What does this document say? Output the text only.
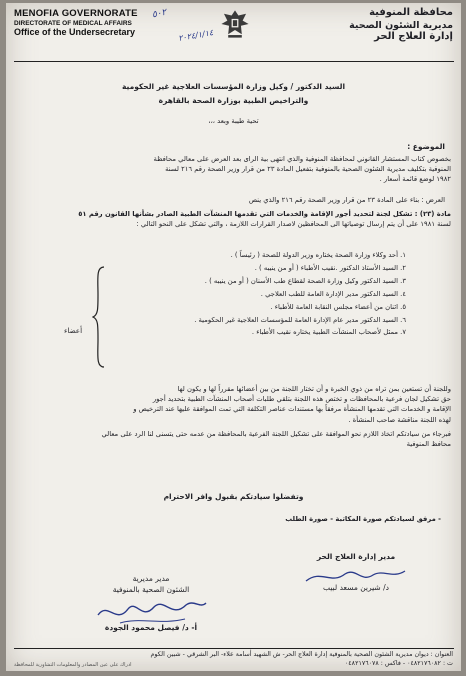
MENOFIA GOVERNORATE
DIRECTORATE OF MEDICAL AFFAIRS
Office of the Undersecretary
٥٠٢
٢٠٢٤/١/١٤
محافظة المنوفية
مديرية الشئون الصحية
إدارة العلاج الحر
السيد الدكتور / وكيل وزارة المؤسسات العلاجية غير الحكومية
والتراخيص الطبية بوزارة الصحة بالقاهرة
تحية طيبة وبعد ،،،
الموضوع :
بخصوص كتاب المستشار القانوني لمحافظة المنوفية والذي انتهى بية الراى بعد العرض على معالي محافظة
المنوفية بتكليف مديرية الشئون الصحية بالمنوفية بتفعيل المادة ٢٣ من قرار وزير الصحة رقم ٢١٦ لسنة
١٩٨٢ لوضع قائمة أسعار .
العرض : بناء على المادة ٢٣ من قرار وزير الصحة رقم ٢١٦ والذي ينص
مادة (٢٣) : تشكل لجنة لتحديد أجور الإقامة والخدمات التي تقدمها المنشآت الطبية الصادر بشأنها القانون رقم ٥١
لسنة ١٩٨١ على أن يتم إرسال توصياتها الى المحافظين لاصدار القرارات اللازمة ، والتي تشكل على النحو التالي :
١. أحد وكلاء وزارة الصحة يختاره وزير الدولة للصحة ( رئيساً ) .
٢. السيد الأستاذ الدكتور .نقيب الأطباء ( أو من ينيبه ) .
٣. السيد الدكتور وكيل وزارة الصحة لقطاع طب الأسنان ( أو من ينيبه ) .
٤. السيد الدكتور مدير الإدارة العامة للطب العلاجي .
٥. اثنان من أعضاء مجلس النقابة العامة للأطباء .
٦. السيد الدكتور مدير عام الإدارة العامة للمؤسسات العلاجية غير الحكومية .
٧. ممثل لأصحاب المنشآت الطبية يختاره نقيب الأطباء .
أعضاء
وللجنة أن تستعين بمن تراه من ذوي الخبرة و أن تختار اللجنة من بين أعضائها مقرراً لها و يكون لها
حق تشكيل لجان فرعية بالمحافظات و تختص هذه اللجنة بتلقي طلبات أصحاب المنشآت الطبية بتحديد أجور
الإقامة و الخدمات التي تقدمها المنشأة مرفقاً بها مستندات عناصر التكلفة التي تمت الموافقة عليها عند الترخيص و
لهذه اللجنة مناقشة صاحب المنشأة .
فبرجاء من سيادتكم اتخاذ اللازم نحو الموافقة على تشكيل اللجنة الفرعية بالمحافظة من عدمه حتى يتسنى لنا الرد على معالي
محافظ المنوفية
وتفضلوا سيادتكم بقبول وافر الاحترام
- مرفق لسيادتكم صورة المكاتبة - صورة الطلب
مدير إدارة العلاج الحر
د/ شيرين مسعد لبيب
مدير مديرية
الشئون الصحية بالمنوفية
أ- د/ فيصل محمود الجودة
العنوان : ديوان مديرية الشئون الصحية بالمنوفية إدارة العلاج الحر- ش الشهيد أسامة علاء- البر الشرقي - شبين الكوم
ت : ٠٤٨٢١٧٦٠٨٢ - فاكس : ٠٤٨٢١٧٦٠٧٨
ادراك على عين المصادر والمعلومات التشاورية للمحافظة
